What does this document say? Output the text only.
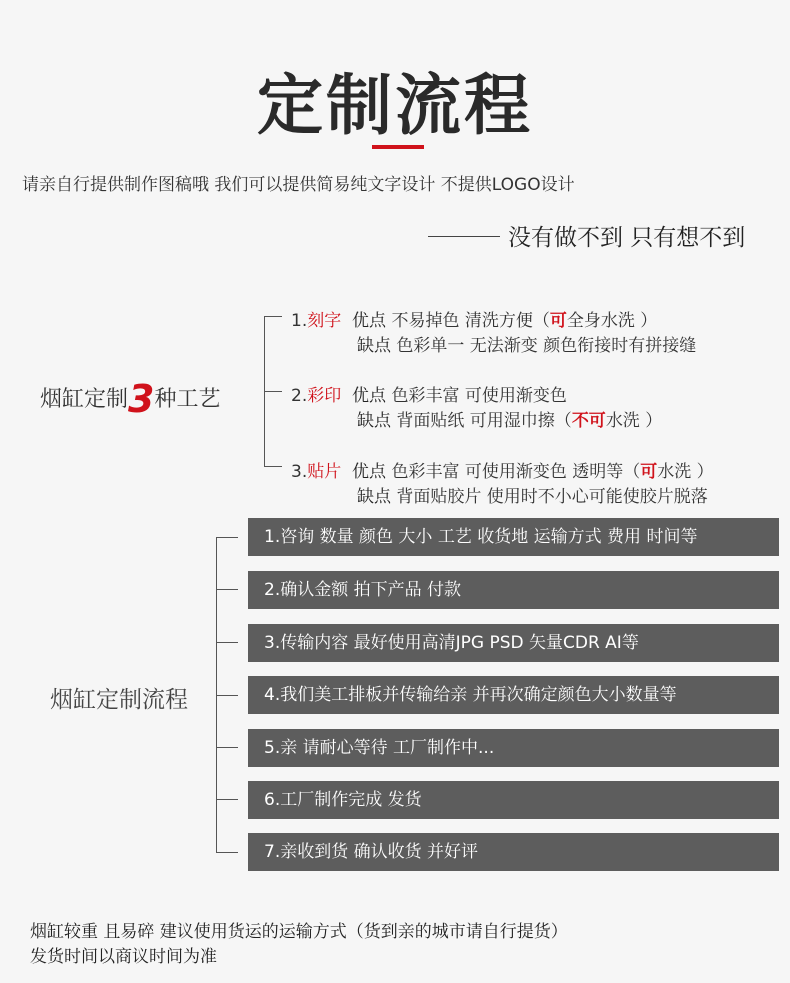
定制流程
请亲自行提供制作图稿哦 我们可以提供简易纯文字设计 不提供LOGO设计
没有做不到 只有想不到
烟缸定制3种工艺
1.刻字 优点 不易掉色 清洗方便（可全身水洗 ）
缺点 色彩单一 无法渐变 颜色衔接时有拼接缝
2.彩印 优点 色彩丰富 可使用渐变色
缺点 背面贴纸 可用湿巾擦（不可水洗 ）
3.贴片 优点 色彩丰富 可使用渐变色 透明等（可水洗 ）
缺点 背面贴胶片 使用时不小心可能使胶片脱落
烟缸定制流程
1.咨询 数量 颜色 大小 工艺 收货地 运输方式 费用 时间等
2.确认金额 拍下产品 付款
3.传输内容 最好使用高清JPG PSD 矢量CDR AI等
4.我们美工排板并传输给亲 并再次确定颜色大小数量等
5.亲 请耐心等待 工厂制作中...
6.工厂制作完成 发货
7.亲收到货 确认收货 并好评
烟缸较重 且易碎 建议使用货运的运输方式（货到亲的城市请自行提货）
发货时间以商议时间为准
